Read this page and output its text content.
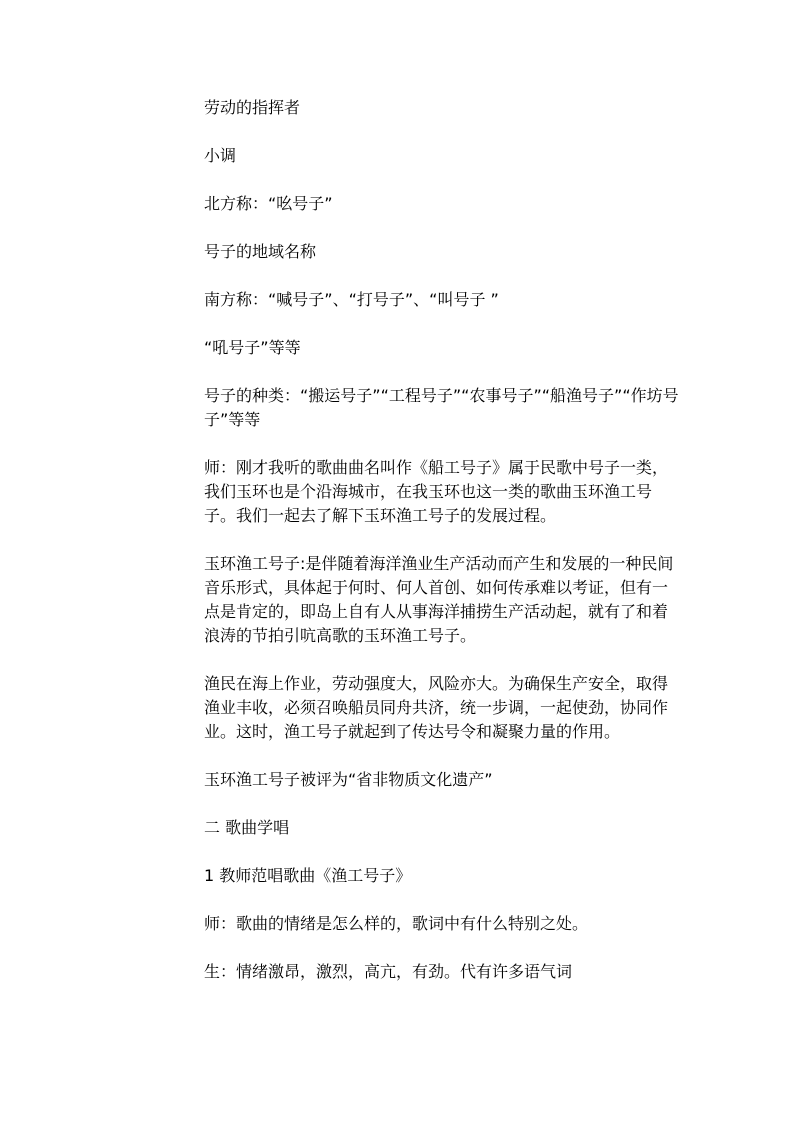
劳动的指挥者

小调

北方称：“吆号子”

号子的地域名称

南方称：“喊号子”、“打号子”、“叫号子 ”

“吼号子”等等

号子的种类：“搬运号子”“工程号子”“农事号子”“船渔号子”“作坊号子”等等

师：刚才我听的歌曲曲名叫作《船工号子》属于民歌中号子一类，我们玉环也是个沿海城市，在我玉环也这一类的歌曲玉环渔工号子。我们一起去了解下玉环渔工号子的发展过程。

玉环渔工号子:是伴随着海洋渔业生产活动而产生和发展的一种民间音乐形式，具体起于何时、何人首创、如何传承难以考证，但有一点是肯定的，即岛上自有人从事海洋捕捞生产活动起，就有了和着浪涛的节拍引吭高歌的玉环渔工号子。

渔民在海上作业，劳动强度大，风险亦大。为确保生产安全，取得渔业丰收，必须召唤船员同舟共济，统一步调，一起使劲，协同作业。这时，渔工号子就起到了传达号令和凝聚力量的作用。

玉环渔工号子被评为“省非物质文化遗产”

二 歌曲学唱

1 教师范唱歌曲《渔工号子》

师：歌曲的情绪是怎么样的，歌词中有什么特别之处。

生：情绪激昂，激烈，高亢，有劲。代有许多语气词
